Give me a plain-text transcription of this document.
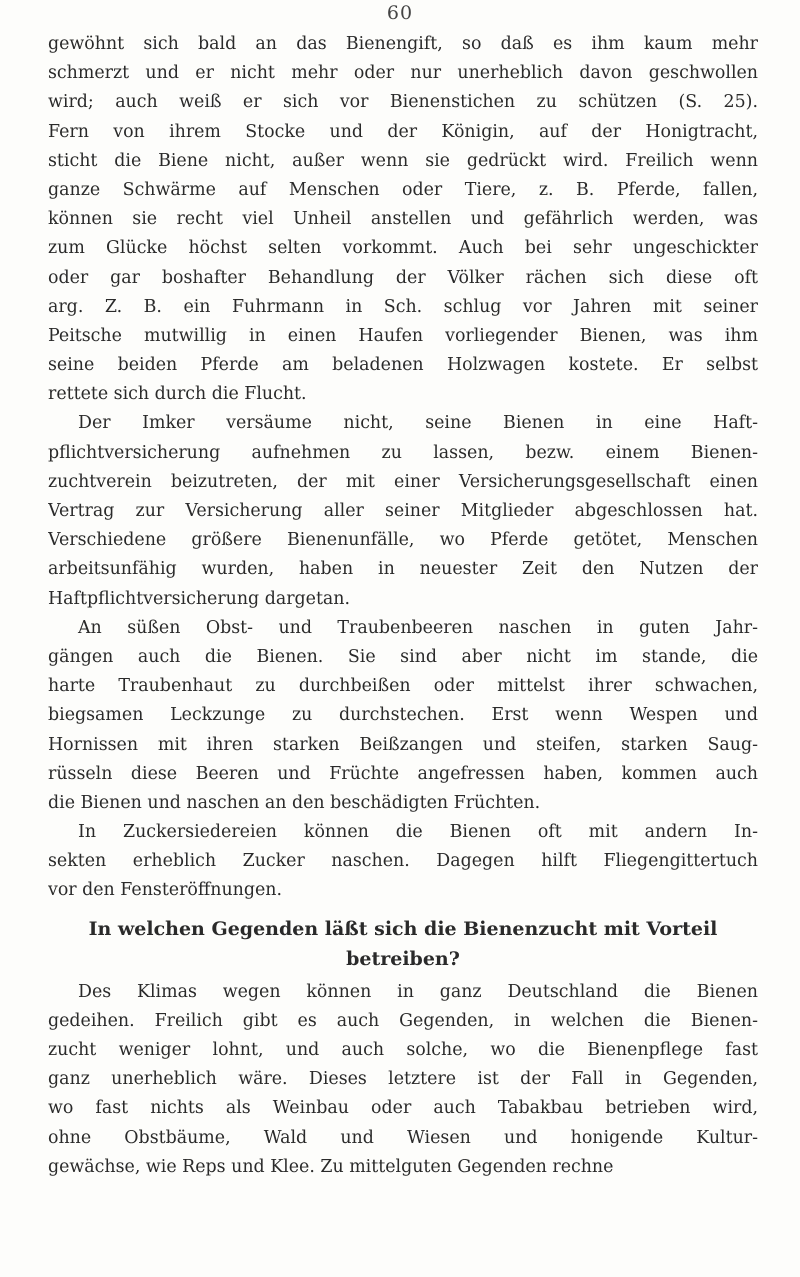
60
gewöhnt sich bald an das Bienengift, so daß es ihm kaum mehr
schmerzt und er nicht mehr oder nur unerheblich davon geschwollen
wird; auch weiß er sich vor Bienenstichen zu schützen (S. 25).
Fern von ihrem Stocke und der Königin, auf der Honigtracht,
sticht die Biene nicht, außer wenn sie gedrückt wird. Freilich wenn
ganze Schwärme auf Menschen oder Tiere, z. B. Pferde, fallen,
können sie recht viel Unheil anstellen und gefährlich werden, was
zum Glücke höchst selten vorkommt. Auch bei sehr ungeschickter
oder gar boshafter Behandlung der Völker rächen sich diese oft
arg. Z. B. ein Fuhrmann in Sch. schlug vor Jahren mit seiner
Peitsche mutwillig in einen Haufen vorliegender Bienen, was ihm
seine beiden Pferde am beladenen Holzwagen kostete. Er selbst
rettete sich durch die Flucht.
Der Imker versäume nicht, seine Bienen in eine Haft-
pflichtversicherung aufnehmen zu lassen, bezw. einem Bienen-
zuchtverein beizutreten, der mit einer Versicherungsgesellschaft einen
Vertrag zur Versicherung aller seiner Mitglieder abgeschlossen hat.
Verschiedene größere Bienenunfälle, wo Pferde getötet, Menschen
arbeitsunfähig wurden, haben in neuester Zeit den Nutzen der
Haftpflichtversicherung dargetan.
An süßen Obst- und Traubenbeeren naschen in guten Jahr-
gängen auch die Bienen. Sie sind aber nicht im stande, die
harte Traubenhaut zu durchbeißen oder mittelst ihrer schwachen,
biegsamen Leckzunge zu durchstechen. Erst wenn Wespen und
Hornissen mit ihren starken Beißzangen und steifen, starken Saug-
rüsseln diese Beeren und Früchte angefressen haben, kommen auch
die Bienen und naschen an den beschädigten Früchten.
In Zuckersiedereien können die Bienen oft mit andern In-
sekten erheblich Zucker naschen. Dagegen hilft Fliegengittertuch
vor den Fensteröffnungen.
In welchen Gegenden läßt sich die Bienenzucht mit Vorteil
betreiben?
Des Klimas wegen können in ganz Deutschland die Bienen
gedeihen. Freilich gibt es auch Gegenden, in welchen die Bienen-
zucht weniger lohnt, und auch solche, wo die Bienenpflege fast
ganz unerheblich wäre. Dieses letztere ist der Fall in Gegenden,
wo fast nichts als Weinbau oder auch Tabakbau betrieben wird,
ohne Obstbäume, Wald und Wiesen und honigende Kultur-
gewächse, wie Reps und Klee. Zu mittelguten Gegenden rechne
